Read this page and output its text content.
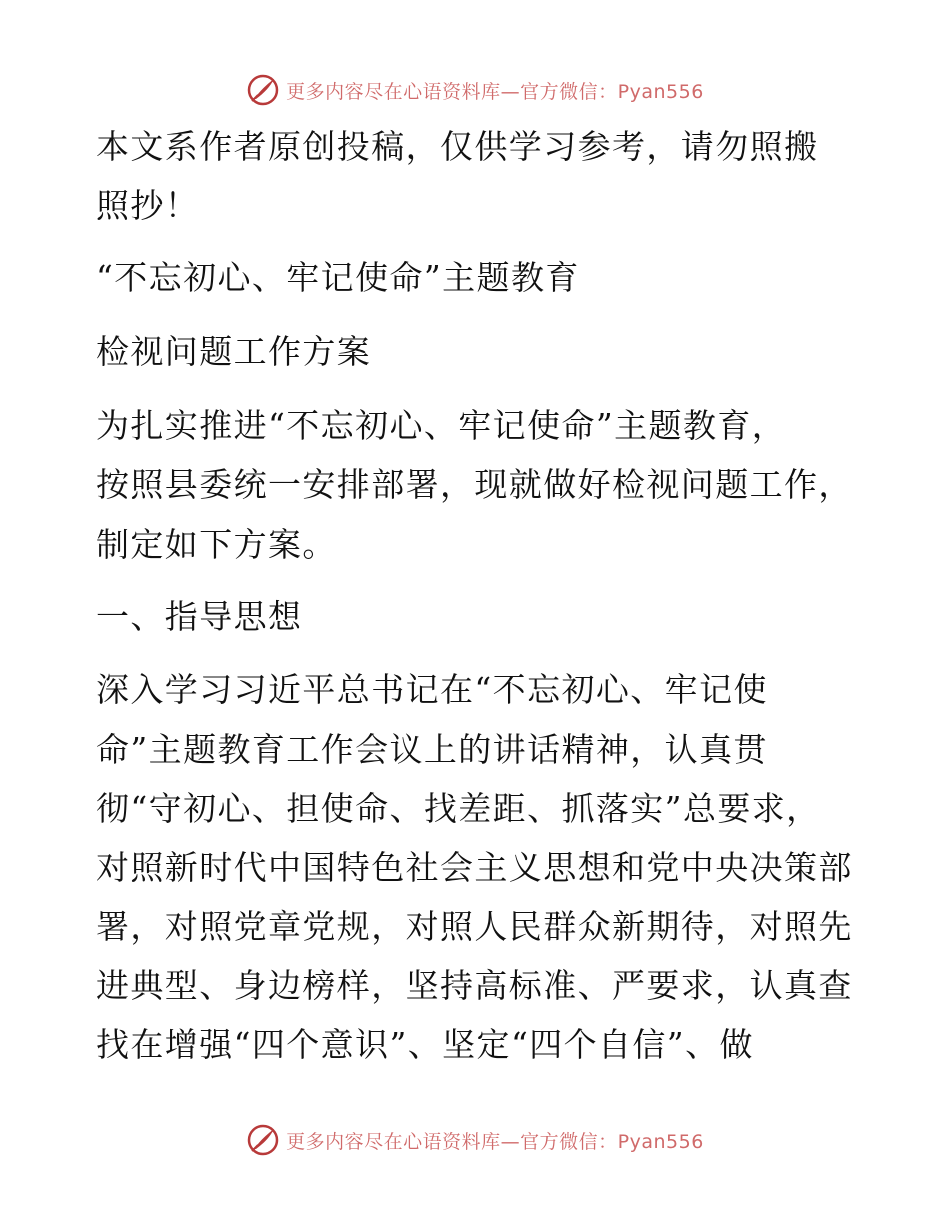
更多内容尽在心语资料库—官方微信：Pyan556
本文系作者原创投稿，仅供学习参考，请勿照搬
照抄！
“不忘初心、牢记使命”主题教育
检视问题工作方案
为扎实推进“不忘初心、牢记使命”主题教育，
按照县委统一安排部署，现就做好检视问题工作，
制定如下方案。
一、指导思想
深入学习习近平总书记在“不忘初心、牢记使
命”主题教育工作会议上的讲话精神，认真贯
彻“守初心、担使命、找差距、抓落实”总要求，
对照新时代中国特色社会主义思想和党中央决策部
署，对照党章党规，对照人民群众新期待，对照先
进典型、身边榜样，坚持高标准、严要求，认真查
找在增强“四个意识”、坚定“四个自信”、做
更多内容尽在心语资料库—官方微信：Pyan556
